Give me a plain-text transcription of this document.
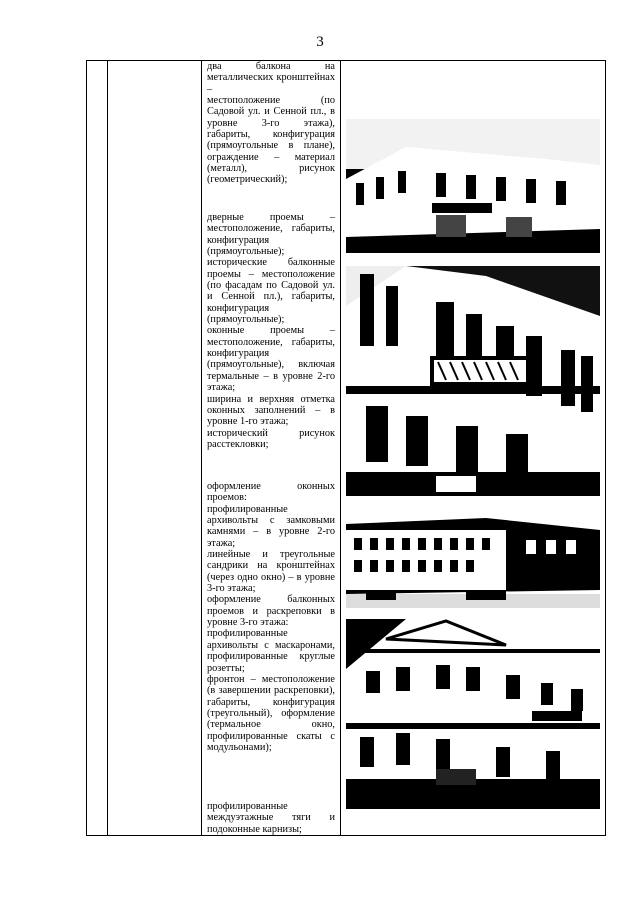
3

два балконa на металлических кронштейнах –

местоположение (по Садовой ул. и Сенной пл., в уровне 3-го этажа), габариты, конфигурация (прямоугольные в плане), ограждение – материал (металл), рисунок (геометрический);

дверные проемы – местоположение, габариты, конфигурация (прямоугольные);

исторические балконные проемы – местоположение (по фасадам по Садовой ул. и Сенной пл.), габариты, конфигурация (прямоугольные);

оконные проемы – местоположение, габариты, конфигурация (прямоугольные), включая термальные – в уровне 2-го этажа;

ширина и верхняя отметка оконных заполнений – в уровне 1-го этажа;

исторический рисунок расстекловки;

оформление оконных проемов:

профилированные архивольты с замковыми камнями – в уровне 2-го этажа;

линейные и треугольные сандрики на кронштейнах (через одно окно) – в уровне 3-го этажа;

оформление балконных проемов и раскреповки в уровне 3-го этажа:

профилированные архивольты с маскаронами, профилированные круглые розетты;

фронтон – местоположение (в завершении раскреповки), габариты, конфигурация (треугольный), оформление (термальное окно, профилированные скаты с модульонами);

профилированные междуэтажные тяги и подоконные карнизы;
